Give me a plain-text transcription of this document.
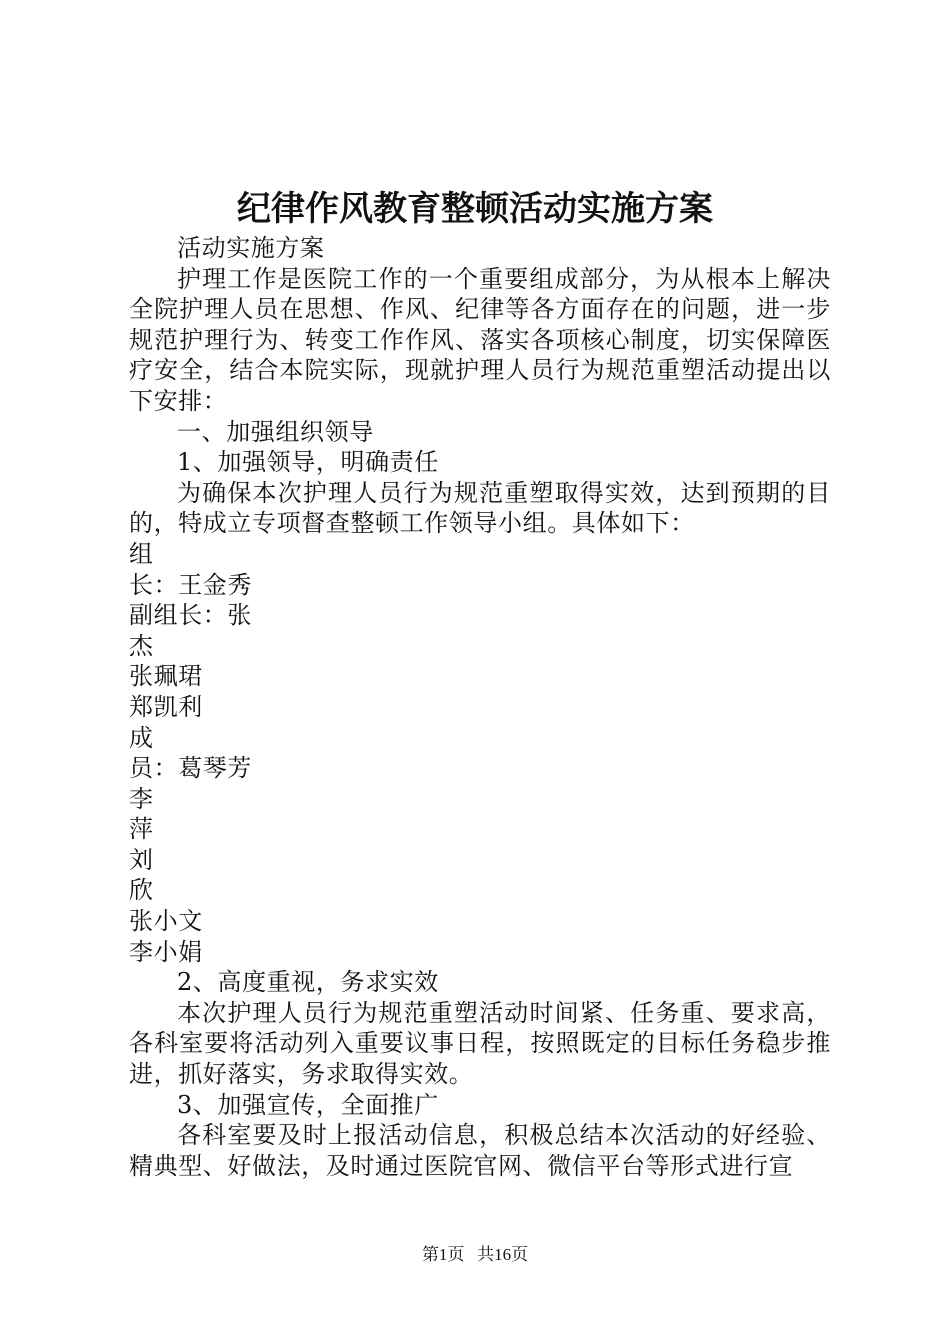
纪律作风教育整顿活动实施方案

活动实施方案

护理工作是医院工作的一个重要组成部分，为从根本上解决全院护理人员在思想、作风、纪律等各方面存在的问题，进一步规范护理行为、转变工作作风、落实各项核心制度，切实保障医疗安全，结合本院实际，现就护理人员行为规范重塑活动提出以下安排：

一、加强组织领导

1、加强领导，明确责任

为确保本次护理人员行为规范重塑取得实效，达到预期的目的，特成立专项督查整顿工作领导小组。具体如下：

组

长：王金秀

副组长：张

杰

张珮珺

郑凯利

成

员：葛琴芳

李

萍

刘

欣

张小文

李小娟

2、高度重视，务求实效

本次护理人员行为规范重塑活动时间紧、任务重、要求高，各科室要将活动列入重要议事日程，按照既定的目标任务稳步推进，抓好落实，务求取得实效。

3、加强宣传，全面推广

各科室要及时上报活动信息，积极总结本次活动的好经验、精典型、好做法，及时通过医院官网、微信平台等形式进行宣

第1页 共16页
